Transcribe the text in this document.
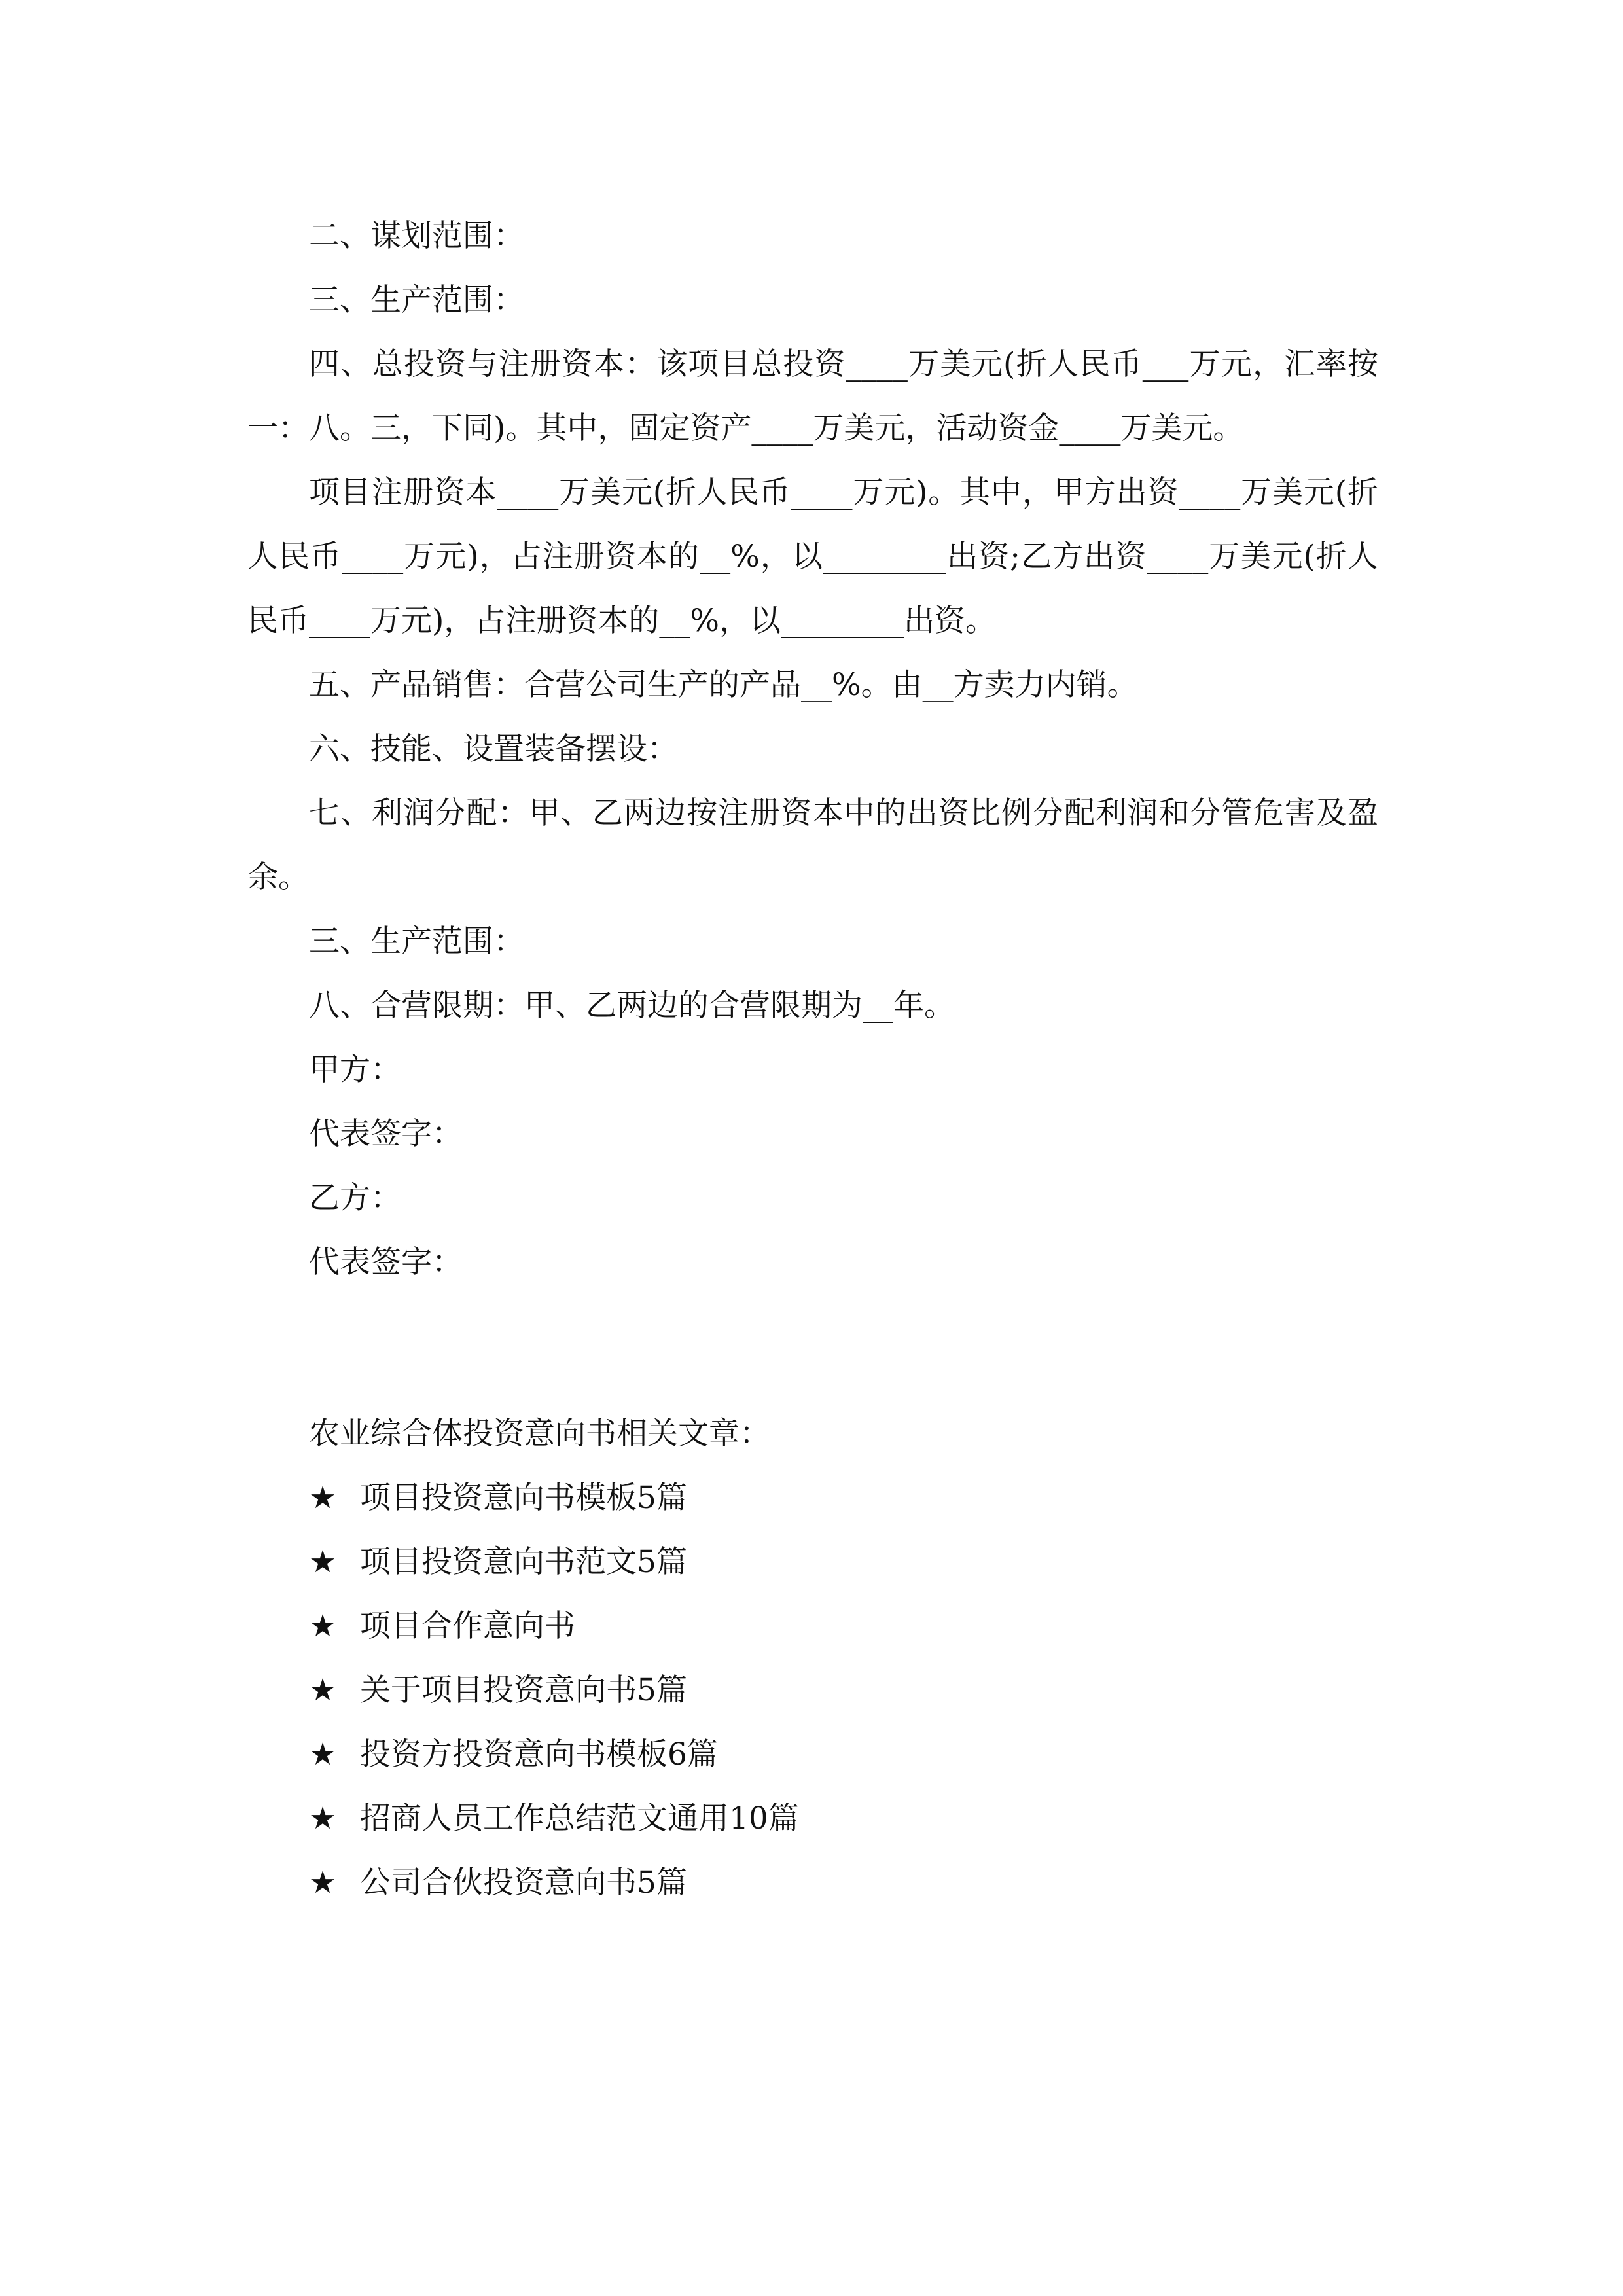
二、谋划范围：

三、生产范围：

四、总投资与注册资本：该项目总投资____万美元(折人民币___万元，汇率按一：八。三，下同)。其中，固定资产____万美元，活动资金____万美元。

项目注册资本____万美元(折人民币____万元)。其中，甲方出资____万美元(折人民币____万元)，占注册资本的__%，以________出资;乙方出资____万美元(折人民币____万元)，占注册资本的__%，以________出资。

五、产品销售：合营公司生产的产品__%。由__方卖力内销。

六、技能、设置装备摆设：

七、利润分配：甲、乙两边按注册资本中的出资比例分配利润和分管危害及盈余。

三、生产范围：

八、合营限期：甲、乙两边的合营限期为__年。

甲方：

代表签字：

乙方：

代表签字：

农业综合体投资意向书相关文章：

★ 项目投资意向书模板5篇
★ 项目投资意向书范文5篇
★ 项目合作意向书
★ 关于项目投资意向书5篇
★ 投资方投资意向书模板6篇
★ 招商人员工作总结范文通用10篇
★ 公司合伙投资意向书5篇
